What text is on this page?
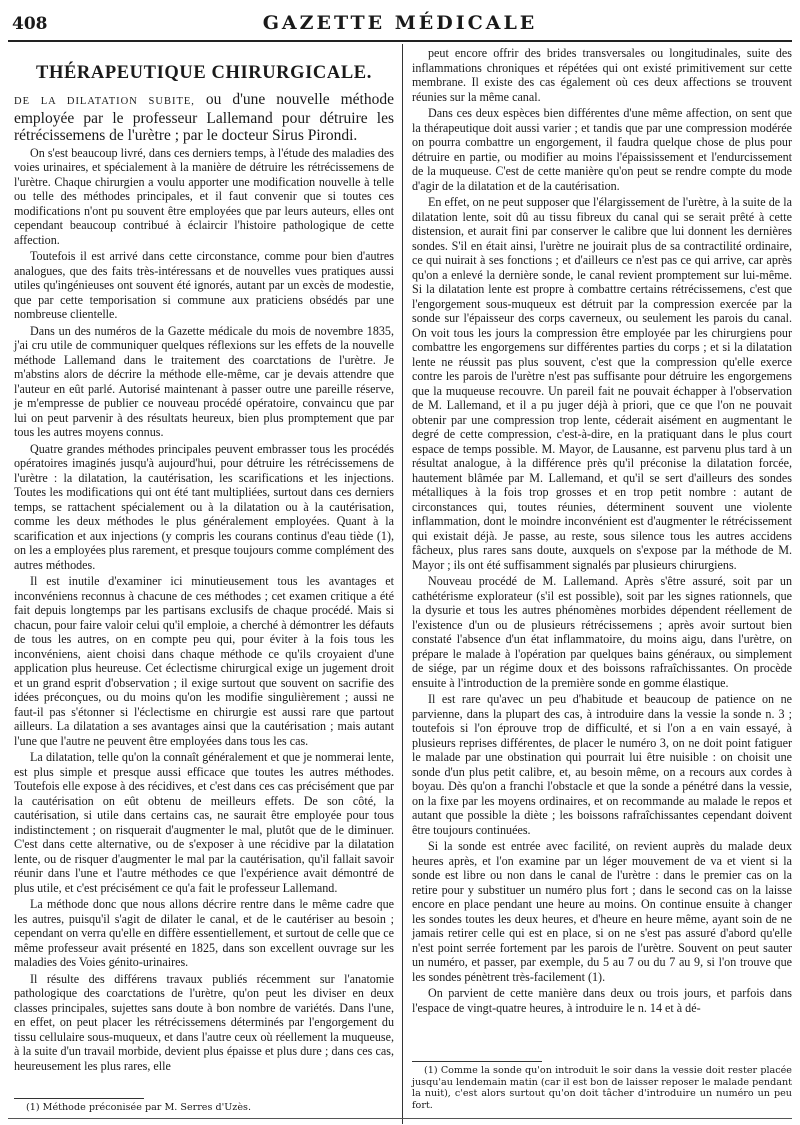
408	GAZETTE MÉDICALE
THÉRAPEUTIQUE CHIRURGICALE.

DE LA DILATATION SUBITE, ou d'une nouvelle méthode employée par le professeur Lallemand pour détruire les rétrécissemens de l'urètre ; par le docteur Sirus Pirondi.

On s'est beaucoup livré, dans ces derniers temps, à l'étude des maladies des voies urinaires, et spécialement à la manière de détruire les rétrécissemens de l'urètre. Chaque chirurgien a voulu apporter une modification nouvelle à telle ou telle des méthodes principales, et il faut convenir que si toutes ces modifications n'ont pu souvent être employées que par leurs auteurs, elles ont cependant beaucoup contribué à éclaircir l'histoire pathologique de cette affection.

Toutefois il est arrivé dans cette circonstance, comme pour bien d'autres analogues, que des faits très-intéressans et de nouvelles vues pratiques aussi utiles qu'ingénieuses ont souvent été ignorés, autant par un excès de modestie, que par cette temporisation si commune aux praticiens obsédés par une nombreuse clientelle.

Dans un des numéros de la Gazette médicale du mois de novembre 1835, j'ai cru utile de communiquer quelques réflexions sur les effets de la nouvelle méthode Lallemand dans le traitement des coarctations de l'urètre. Je m'abstins alors de décrire la méthode elle-même, car je devais attendre que l'auteur en eût parlé. Autorisé maintenant à passer outre une pareille réserve, je m'empresse de publier ce nouveau procédé opératoire, convaincu que par lui on peut parvenir à des résultats heureux, bien plus promptement que par tous les autres moyens connus.

Quatre grandes méthodes principales peuvent embrasser tous les procédés opératoires imaginés jusqu'à aujourd'hui, pour détruire les rétrécissemens de l'urètre : la dilatation, la cautérisation, les scarifications et les injections. Toutes les modifications qui ont été tant multipliées, surtout dans ces derniers temps, se rattachent spécialement ou à la dilatation ou à la cautérisation, comme les deux méthodes le plus généralement employées. Quant à la scarification et aux injections (y compris les courans continus d'eau tiède (1), on les a employées plus rarement, et presque toujours comme complément des autres méthodes.

Il est inutile d'examiner ici minutieusement tous les avantages et inconvéniens reconnus à chacune de ces méthodes ; cet examen critique a été fait depuis longtemps par les partisans exclusifs de chaque procédé. Mais si chacun, pour faire valoir celui qu'il emploie, a cherché à démontrer les défauts de tous les autres, on en compte peu qui, pour éviter à la fois tous les inconvéniens, aient choisi dans chaque méthode ce qu'ils croyaient d'une application plus heureuse. Cet éclectisme chirurgical exige un jugement droit et un grand esprit d'observation ; il exige surtout que souvent on sacrifie des idées préconçues, ou du moins qu'on les modifie singulièrement ; aussi ne faut-il pas s'étonner si l'éclectisme en chirurgie est aussi rare que partout ailleurs. La dilatation a ses avantages ainsi que la cautérisation ; mais autant l'une que l'autre ne peuvent être employées dans tous les cas.

La dilatation, telle qu'on la connaît généralement et que je nommerai lente, est plus simple et presque aussi efficace que toutes les autres méthodes. Toutefois elle expose à des récidives, et c'est dans ces cas précisément que par la cautérisation on eût obtenu de meilleurs effets. De son côté, la cautérisation, si utile dans certains cas, ne saurait être employée pour tous indistinctement ; on risquerait d'augmenter le mal, plutôt que de le diminuer. C'est dans cette alternative, ou de s'exposer à une récidive par la dilatation lente, ou de risquer d'augmenter le mal par la cautérisation, qu'il fallait savoir réunir dans l'une et l'autre méthodes ce que l'expérience avait démontré de plus utile, et c'est précisément ce qu'a fait le professeur Lallemand.

La méthode donc que nous allons décrire rentre dans le même cadre que les autres, puisqu'il s'agit de dilater le canal, et de le cautériser au besoin ; cependant on verra qu'elle en diffère essentiellement, et surtout de celle que ce même professeur avait présenté en 1825, dans son excellent ouvrage sur les maladies des Voies génito-urinaires.

Il résulte des différens travaux publiés récemment sur l'anatomie pathologique des coarctations de l'urètre, qu'on peut les diviser en deux classes principales, sujettes sans doute à bon nombre de variétés. Dans l'une, en effet, on peut placer les rétrécissemens déterminés par l'engorgement du tissu cellulaire sous-muqueux, et dans l'autre ceux où réellement la muqueuse, à la suite d'un travail morbide, devient plus épaisse et plus dure ; dans ces cas, heureusement les plus rares, elle

peut encore offrir des brides transversales ou longitudinales, suite des inflammations chroniques et répétées qui ont existé primitivement sur cette membrane. Il existe des cas également où ces deux affections se trouvent réunies sur la même canal.

Dans ces deux espèces bien différentes d'une même affection, on sent que la thérapeutique doit aussi varier ; et tandis que par une compression modérée on pourra combattre un engorgement, il faudra quelque chose de plus pour détruire en partie, ou modifier au moins l'épaississement et l'endurcissement de la muqueuse. C'est de cette manière qu'on peut se rendre compte du mode d'agir de la dilatation et de la cautérisation.

En effet, on ne peut supposer que l'élargissement de l'urètre, à la suite de la dilatation lente, soit dû au tissu fibreux du canal qui se serait prêté à cette distension, et aurait fini par conserver le calibre que lui donnent les dernières sondes. S'il en était ainsi, l'urètre ne jouirait plus de sa contractilité ordinaire, ce qui nuirait à ses fonctions ; et d'ailleurs ce n'est pas ce qui arrive, car après qu'on a enlevé la dernière sonde, le canal revient promptement sur lui-même. Si la dilatation lente est propre à combattre certains rétrécissemens, c'est que l'engorgement sous-muqueux est détruit par la compression exercée par la sonde sur l'épaisseur des corps caverneux, ou seulement les parois du canal. On voit tous les jours la compression être employée par les chirurgiens pour combattre les engorgemens sur différentes parties du corps ; et si la dilatation lente ne réussit pas plus souvent, c'est que la compression qu'elle exerce contre les parois de l'urètre n'est pas suffisante pour détruire les engorgemens que la muqueuse recouvre. Un pareil fait ne pouvait échapper à l'observation de M. Lallemand, et il a pu juger déjà à priori, que ce que l'on ne pouvait obtenir par une compression trop lente, céderait aisément en augmentant le degré de cette compression, c'est-à-dire, en la pratiquant dans le plus court espace de temps possible. M. Mayor, de Lausanne, est parvenu plus tard à un résultat analogue, à la différence près qu'il préconise la dilatation forcée, hautement blâmée par M. Lallemand, et qu'il se sert d'ailleurs des sondes métalliques à la fois trop grosses et en trop petit nombre : autant de circonstances qui, toutes réunies, déterminent souvent une violente inflammation, dont le moindre inconvénient est d'augmenter le rétrécissement qui existait déjà. Je passe, au reste, sous silence tous les autres accidens fâcheux, plus rares sans doute, auxquels on s'expose par la méthode de M. Mayor ; ils ont été suffisamment signalés par plusieurs chirurgiens.

Nouveau procédé de M. Lallemand. Après s'être assuré, soit par un cathétérisme explorateur (s'il est possible), soit par les signes rationnels, que la dysurie et tous les autres phénomènes morbides dépendent réellement de l'existence d'un ou de plusieurs rétrécissemens ; après avoir surtout bien constaté l'absence d'un état inflammatoire, du moins aigu, dans l'urètre, on prépare le malade à l'opération par quelques bains généraux, ou simplement de siége, par un régime doux et des boissons rafraîchissantes. On procède ensuite à l'introduction de la première sonde en gomme élastique.

Il est rare qu'avec un peu d'habitude et beaucoup de patience on ne parvienne, dans la plupart des cas, à introduire dans la vessie la sonde n. 3 ; toutefois si l'on éprouve trop de difficulté, et si l'on a en vain essayé, à plusieurs reprises différentes, de placer le numéro 3, on ne doit point fatiguer le malade par une obstination qui pourrait lui être nuisible : on choisit une sonde d'un plus petit calibre, et, au besoin même, on a recours aux cordes à boyau. Dès qu'on a franchi l'obstacle et que la sonde a pénétré dans la vessie, on la fixe par les moyens ordinaires, et on recommande au malade le repos et autant que possible la diète ; les boissons rafraîchissantes cependant doivent être toujours continuées.

Si la sonde est entrée avec facilité, on revient auprès du malade deux heures après, et l'on examine par un léger mouvement de va et vient si la sonde est libre ou non dans le canal de l'urètre : dans le premier cas on la retire pour y substituer un numéro plus fort ; dans le second cas on la laisse encore en place pendant une heure au moins. On continue ensuite à changer les sondes toutes les deux heures, et d'heure en heure même, ayant soin de ne jamais retirer celle qui est en place, si on ne s'est pas assuré d'abord qu'elle n'est point serrée fortement par les parois de l'urètre. Souvent on peut sauter un numéro, et passer, par exemple, du 5 au 7 ou du 7 au 9, si l'on trouve que les sondes pénètrent très-facilement (1).

On parvient de cette manière dans deux ou trois jours, et parfois dans l'espace de vingt-quatre heures, à introduire le n. 14 et à dé-

(1) Méthode préconisée par M. Serres d'Uzès.

(1) Comme la sonde qu'on introduit le soir dans la vessie doit rester placée jusqu'au lendemain matin (car il est bon de laisser reposer le malade pendant la nuit), c'est alors surtout qu'on doit tâcher d'introduire un numéro un peu fort.
